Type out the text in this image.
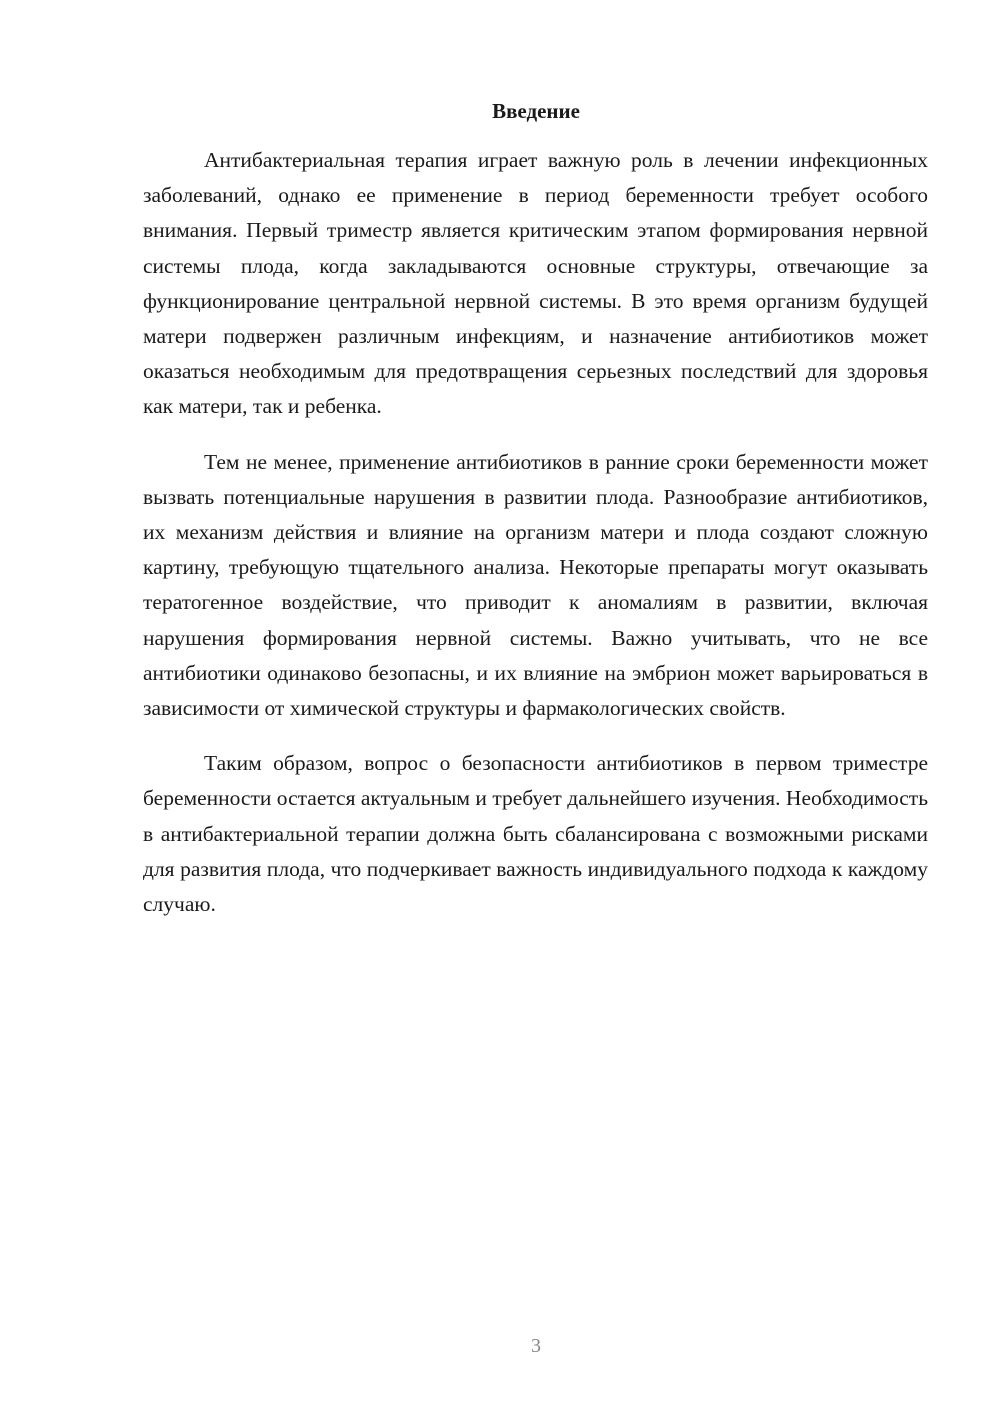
Введение

Антибактериальная терапия играет важную роль в лечении инфекционных заболеваний, однако ее применение в период беременности требует особого внимания. Первый триместр является критическим этапом формирования нервной системы плода, когда закладываются основные структуры, отвечающие за функционирование центральной нервной системы. В это время организм будущей матери подвержен различным инфекциям, и назначение антибиотиков может оказаться необходимым для предотвращения серьезных последствий для здоровья как матери, так и ребенка.

Тем не менее, применение антибиотиков в ранние сроки беременности может вызвать потенциальные нарушения в развитии плода. Разнообразие антибиотиков, их механизм действия и влияние на организм матери и плода создают сложную картину, требующую тщательного анализа. Некоторые препараты могут оказывать тератогенное воздействие, что приводит к аномалиям в развитии, включая нарушения формирования нервной системы. Важно учитывать, что не все антибиотики одинаково безопасны, и их влияние на эмбрион может варьироваться в зависимости от химической структуры и фармакологических свойств.

Таким образом, вопрос о безопасности антибиотиков в первом триместре беременности остается актуальным и требует дальнейшего изучения. Необходимость в антибактериальной терапии должна быть сбалансирована с возможными рисками для развития плода, что подчеркивает важность индивидуального подхода к каждому случаю.

3
